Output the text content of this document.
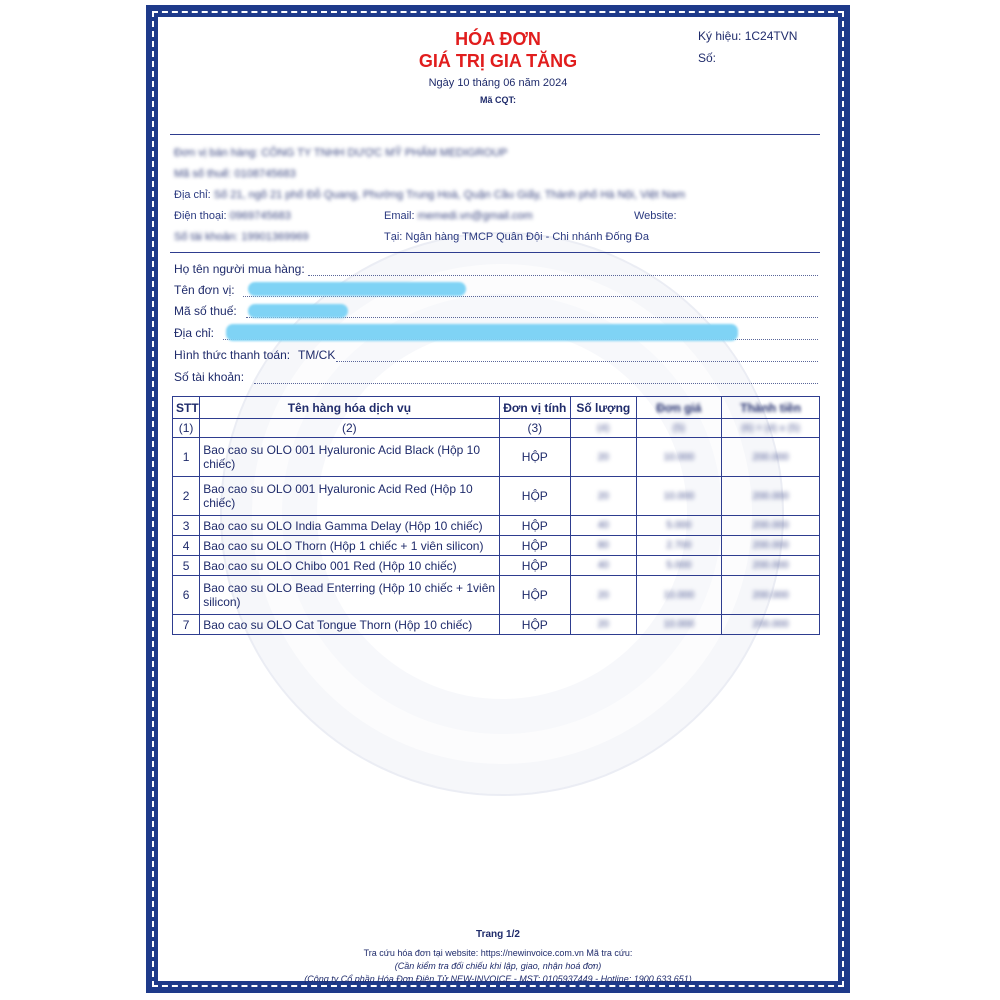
HÓA ĐƠN
GIÁ TRỊ GIA TĂNG
Ngày 10 tháng 06 năm 2024
Mã CQT:
Ký hiệu: 1C24TVN
Số:
Đơn vị bán hàng: CÔNG TY TNHH DƯỢC MỸ PHẨM MEDIGROUP
Mã số thuế: 0108745683
Địa chỉ: Số 21, ngõ 21 phố Đỗ Quang, Phường Trung Hoà, Quận Cầu Giấy, Thành phố Hà Nội, Việt Nam
Điện thoại: 0969745683	Email: memedi.vn@gmail.com	Website:
Số tài khoản: 19901369969	Tại: Ngân hàng TMCP Quân Đội - Chi nhánh Đống Đa
Họ tên người mua hàng:
Tên đơn vị:
Mã số thuế:
Địa chỉ:
Hình thức thanh toán: TM/CK
Số tài khoản:
STT	Tên hàng hóa dịch vụ	Đơn vị tính	Số lượng	Đơn giá	Thành tiền
(1)	(2)	(3)	(4)	(5)	(6) = (4) x (5)
1	Bao cao su OLO 001 Hyaluronic Acid Black (Hộp 10 chiếc)	HỘP	20	10.000	200.000
2	Bao cao su OLO 001 Hyaluronic Acid Red (Hộp 10 chiếc)	HỘP	20	10.000	200.000
3	Bao cao su OLO India Gamma Delay (Hộp 10 chiếc)	HỘP	40	5.000	200.000
4	Bao cao su OLO Thorn (Hộp 1 chiếc + 1 viên silicon)	HỘP	80	2.700	200.000
5	Bao cao su OLO Chibo 001 Red (Hộp 10 chiếc)	HỘP	40	5.000	200.000
6	Bao cao su OLO Bead Enterring (Hộp 10 chiếc + 1viên silicon)	HỘP	20	10.000	200.000
7	Bao cao su OLO Cat Tongue Thorn (Hộp 10 chiếc)	HỘP	20	10.000	200.000
Trang 1/2
Tra cứu hóa đơn tại website: https://newinvoice.com.vn Mã tra cứu:
(Cần kiểm tra đối chiếu khi lập, giao, nhận hoá đơn)
(Công ty Cổ phần Hóa Đơn Điện Tử NEW-INVOICE - MST: 0105937449 - Hotline: 1900 633 651)
